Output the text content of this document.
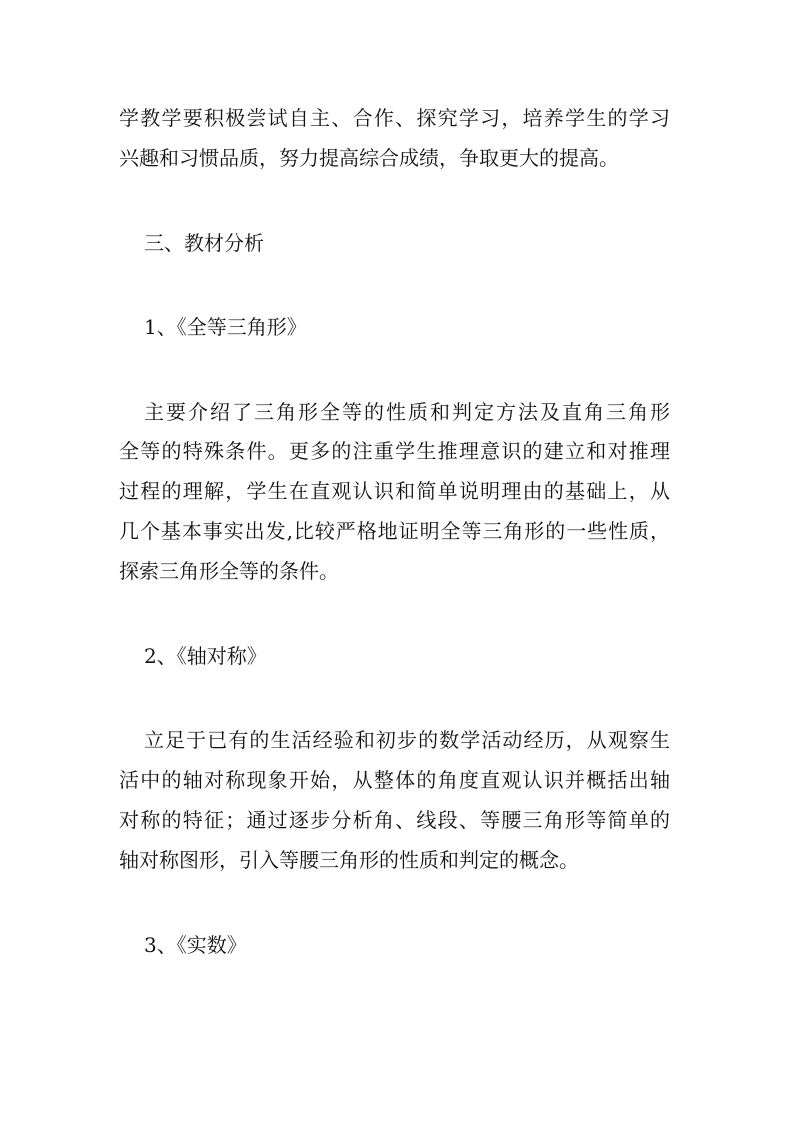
学教学要积极尝试自主、合作、探究学习，培养学生的学习
兴趣和习惯品质，努力提高综合成绩，争取更大的提高。
三、教材分析
1、《全等三角形》
主要介绍了三角形全等的性质和判定方法及直角三角形
全等的特殊条件。更多的注重学生推理意识的建立和对推理
过程的理解，学生在直观认识和简单说明理由的基础上，从
几个基本事实出发,比较严格地证明全等三角形的一些性质，
探索三角形全等的条件。
2、《轴对称》
立足于已有的生活经验和初步的数学活动经历，从观察生
活中的轴对称现象开始，从整体的角度直观认识并概括出轴
对称的特征；通过逐步分析角、线段、等腰三角形等简单的
轴对称图形，引入等腰三角形的性质和判定的概念。
3、《实数》
